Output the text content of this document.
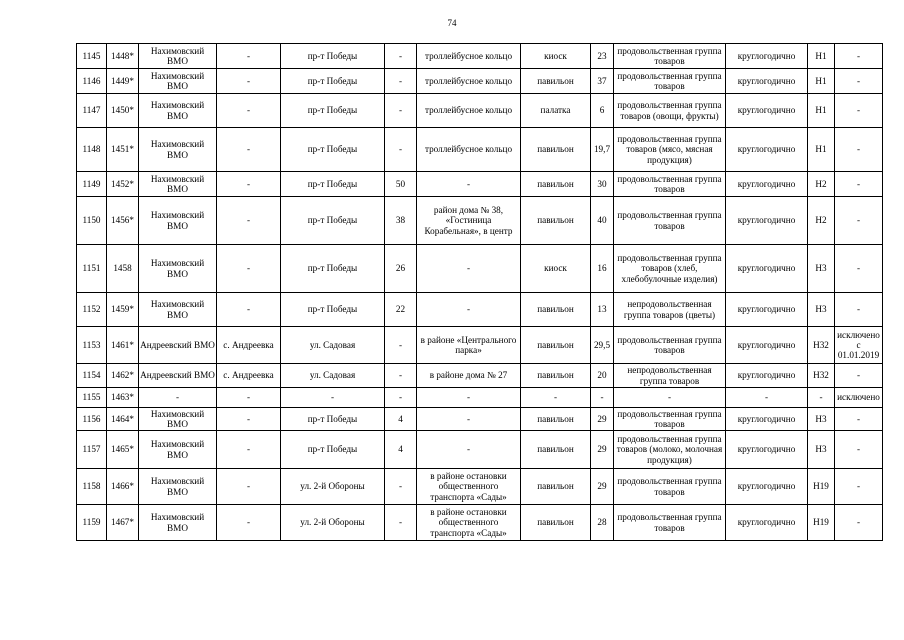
74
1145	1448*	Нахимовский ВМО	-	пр-т Победы	-	троллейбусное кольцо	киоск	23	продовольственная группа товаров	круглогодично	Н1	-
1146	1449*	Нахимовский ВМО	-	пр-т Победы	-	троллейбусное кольцо	павильон	37	продовольственная группа товаров	круглогодично	Н1	-
1147	1450*	Нахимовский ВМО	-	пр-т Победы	-	троллейбусное кольцо	палатка	6	продовольственная группа товаров (овощи, фрукты)	круглогодично	Н1	-
1148	1451*	Нахимовский ВМО	-	пр-т Победы	-	троллейбусное кольцо	павильон	19,7	продовольственная группа товаров (мясо, мясная продукция)	круглогодично	Н1	-
1149	1452*	Нахимовский ВМО	-	пр-т Победы	50	-	павильон	30	продовольственная группа товаров	круглогодично	Н2	-
1150	1456*	Нахимовский ВМО	-	пр-т Победы	38	район дома № 38, «Гостиница Корабельная», в центр	павильон	40	продовольственная группа товаров	круглогодично	Н2	-
1151	1458	Нахимовский ВМО	-	пр-т Победы	26	-	киоск	16	продовольственная группа товаров (хлеб, хлебобулочные изделия)	круглогодично	Н3	-
1152	1459*	Нахимовский ВМО	-	пр-т Победы	22	-	павильон	13	непродовольственная группа товаров (цветы)	круглогодично	Н3	-
1153	1461*	Андреевский ВМО	с. Андреевка	ул. Садовая	-	в районе «Центрального парка»	павильон	29,5	продовольственная группа товаров	круглогодично	Н32	исключено с 01.01.2019
1154	1462*	Андреевский ВМО	с. Андреевка	ул. Садовая	-	в районе дома № 27	павильон	20	непродовольственная группа товаров	круглогодично	Н32	-
1155	1463*	-	-	-	-	-	-	-	-	-	-	исключено
1156	1464*	Нахимовский ВМО	-	пр-т Победы	4	-	павильон	29	продовольственная группа товаров	круглогодично	Н3	-
1157	1465*	Нахимовский ВМО	-	пр-т Победы	4	-	павильон	29	продовольственная группа товаров (молоко, молочная продукция)	круглогодично	Н3	-
1158	1466*	Нахимовский ВМО	-	ул. 2-й Обороны	-	в районе остановки общественного транспорта «Сады»	павильон	29	продовольственная группа товаров	круглогодично	Н19	-
1159	1467*	Нахимовский ВМО	-	ул. 2-й Обороны	-	в районе остановки общественного транспорта «Сады»	павильон	28	продовольственная группа товаров	круглогодично	Н19	-
